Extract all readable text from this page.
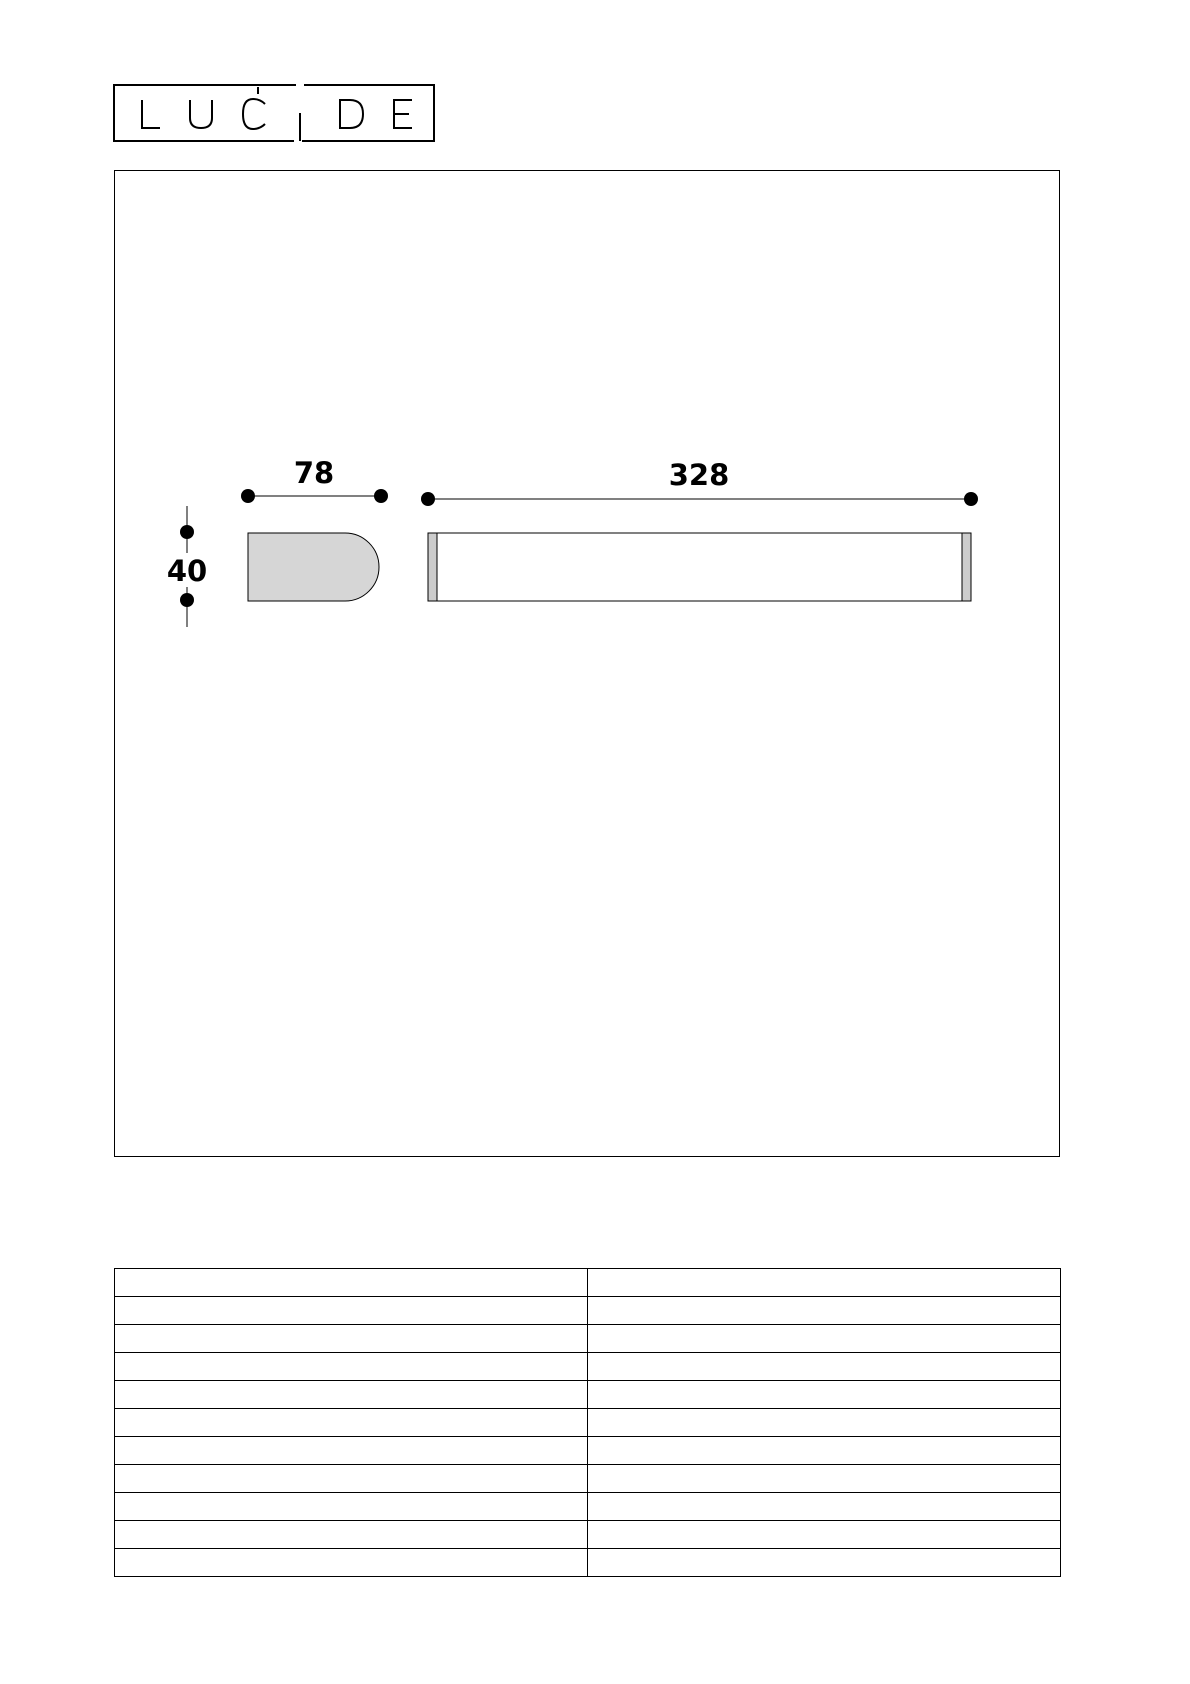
40
78	328
